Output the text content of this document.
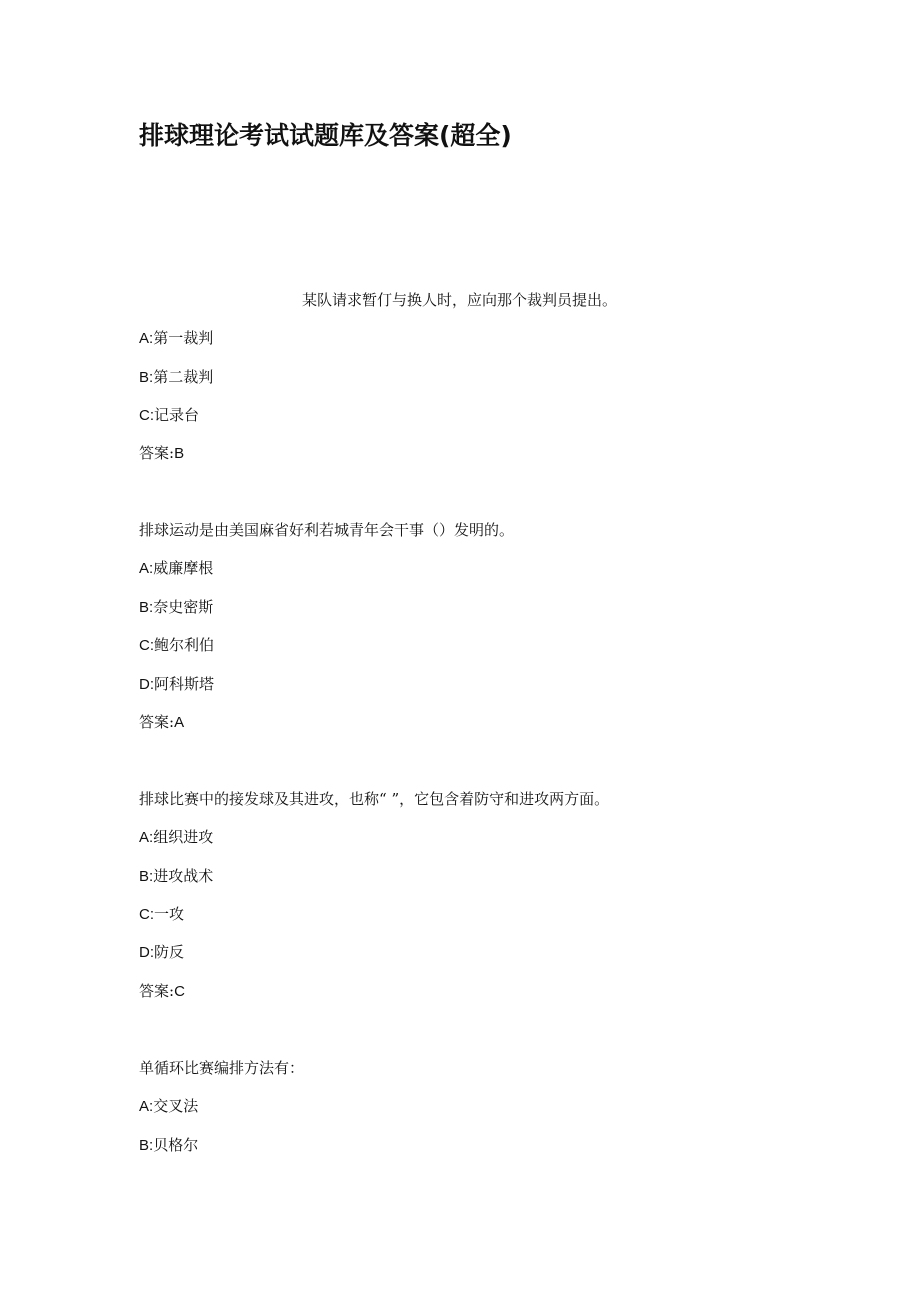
排球理论考试试题库及答案(超全)
某队请求暂仃与换人时，应向那个裁判员提出。
A:第一裁判
B:第二裁判
C:记录台
答案:B
排球运动是由美国麻省好利若城青年会干事（）发明的。
A:威廉摩根
B:奈史密斯
C:鲍尔利伯
D:阿科斯塔
答案:A
排球比赛中的接发球及其进攻，也称“ ”，它包含着防守和进攻两方面。
A:组织进攻
B:进攻战术
C:一攻
D:防反
答案:C
单循环比赛编排方法有：
A:交叉法
B:贝格尔
